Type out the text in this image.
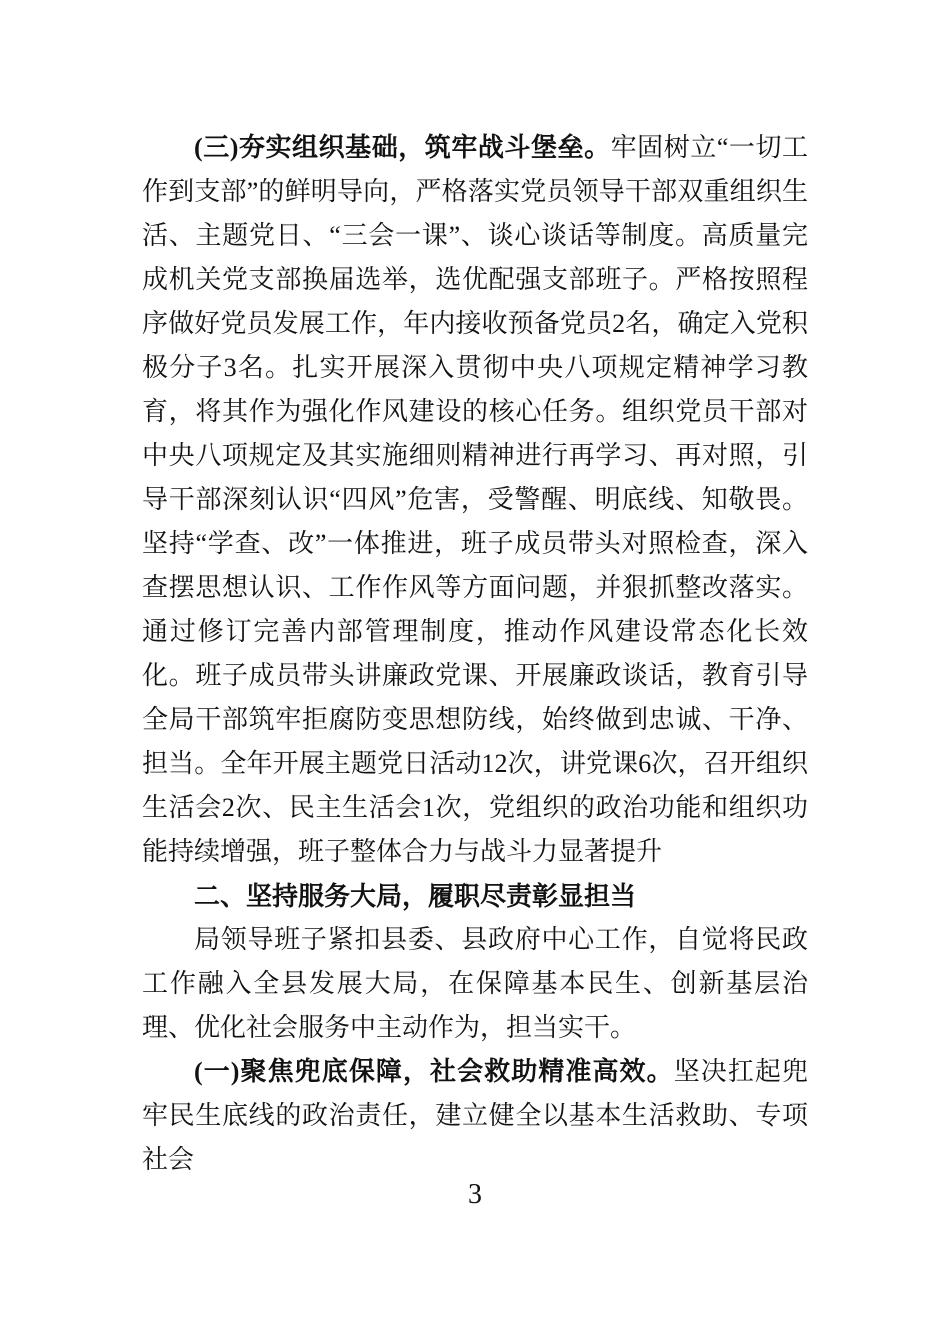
(三)夯实组织基础，筑牢战斗堡垒。牢固树立“一切工作到支部”的鲜明导向，严格落实党员领导干部双重组织生活、主题党日、“三会一课”、谈心谈话等制度。高质量完成机关党支部换届选举，选优配强支部班子。严格按照程序做好党员发展工作，年内接收预备党员2名，确定入党积极分子3名。扎实开展深入贯彻中央八项规定精神学习教育，将其作为强化作风建设的核心任务。组织党员干部对中央八项规定及其实施细则精神进行再学习、再对照，引导干部深刻认识“四风”危害，受警醒、明底线、知敬畏。坚持“学查、改”一体推进，班子成员带头对照检查，深入查摆思想认识、工作作风等方面问题，并狠抓整改落实。通过修订完善内部管理制度，推动作风建设常态化长效化。班子成员带头讲廉政党课、开展廉政谈话，教育引导全局干部筑牢拒腐防变思想防线，始终做到忠诚、干净、担当。全年开展主题党日活动12次，讲党课6次，召开组织生活会2次、民主生活会1次，党组织的政治功能和组织功能持续增强，班子整体合力与战斗力显著提升

二、坚持服务大局，履职尽责彰显担当

局领导班子紧扣县委、县政府中心工作，自觉将民政工作融入全县发展大局，在保障基本民生、创新基层治理、优化社会服务中主动作为，担当实干。

(一)聚焦兜底保障，社会救助精准高效。坚决扛起兜牢民生底线的政治责任，建立健全以基本生活救助、专项社会

3
